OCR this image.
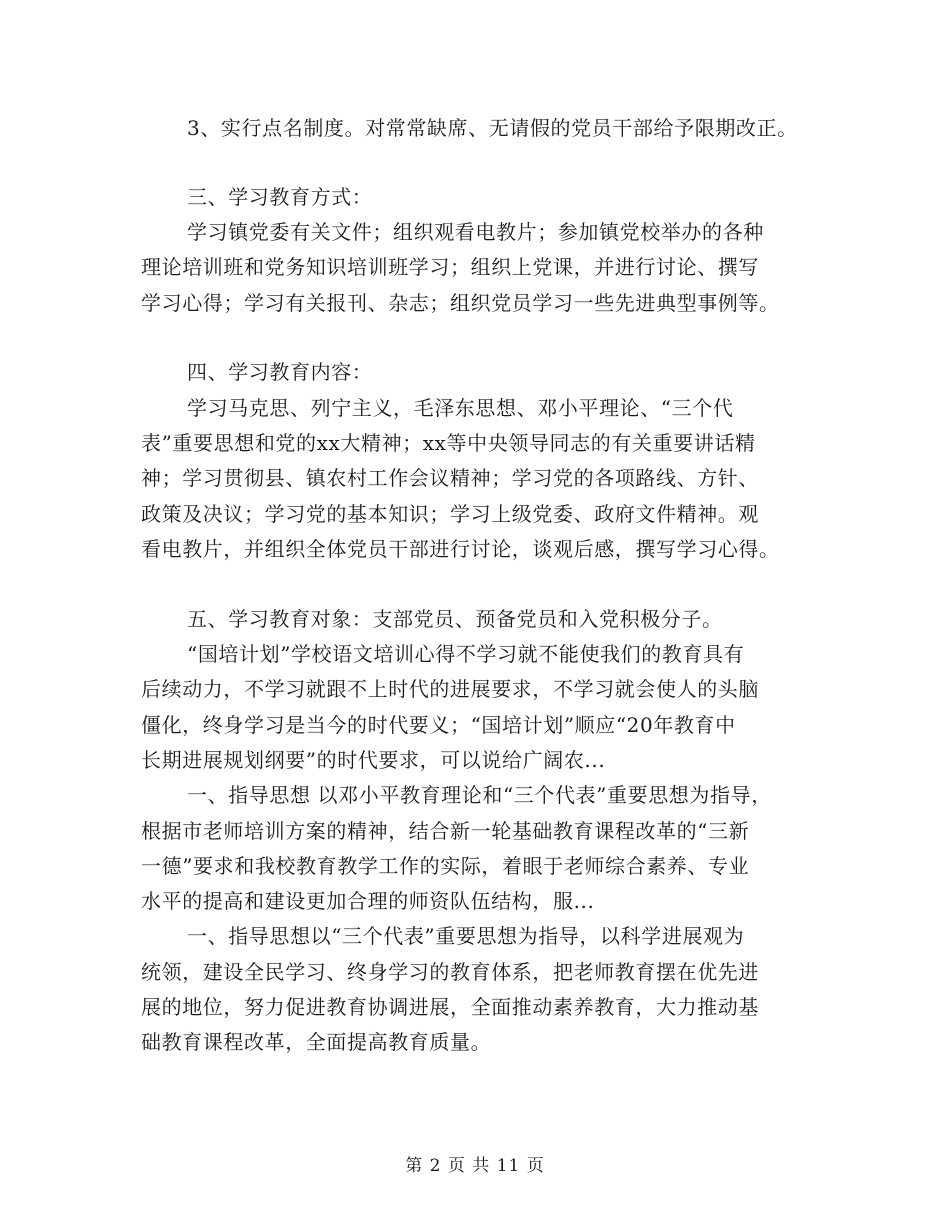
3、实行点名制度。对常常缺席、无请假的党员干部给予限期改正。
三、学习教育方式：
学习镇党委有关文件；组织观看电教片；参加镇党校举办的各种
理论培训班和党务知识培训班学习；组织上党课，并进行讨论、撰写
学习心得；学习有关报刊、杂志；组织党员学习一些先进典型事例等。
四、学习教育内容：
学习马克思、列宁主义，毛泽东思想、邓小平理论、“三个代
表”重要思想和党的xx大精神；xx等中央领导同志的有关重要讲话精
神；学习贯彻县、镇农村工作会议精神；学习党的各项路线、方针、
政策及决议；学习党的基本知识；学习上级党委、政府文件精神。观
看电教片，并组织全体党员干部进行讨论，谈观后感，撰写学习心得。
五、学习教育对象：支部党员、预备党员和入党积极分子。
“国培计划”学校语文培训心得不学习就不能使我们的教育具有
后续动力，不学习就跟不上时代的进展要求，不学习就会使人的头脑
僵化，终身学习是当今的时代要义；“国培计划”顺应“20年教育中
长期进展规划纲要”的时代要求，可以说给广阔农...
一、指导思想 以邓小平教育理论和“三个代表”重要思想为指导，
根据市老师培训方案的精神，结合新一轮基础教育课程改革的“三新
一德”要求和我校教育教学工作的实际，着眼于老师综合素养、专业
水平的提高和建设更加合理的师资队伍结构，服...
一、指导思想以“三个代表”重要思想为指导，以科学进展观为
统领，建设全民学习、终身学习的教育体系，把老师教育摆在优先进
展的地位，努力促进教育协调进展，全面推动素养教育，大力推动基
础教育课程改革，全面提高教育质量。
第 2 页 共 11 页
